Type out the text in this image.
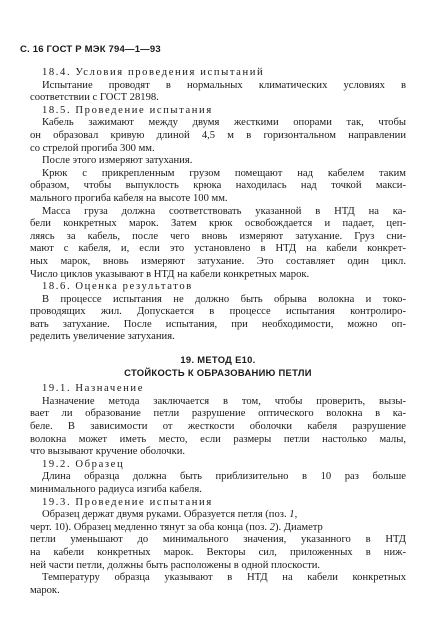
С. 16 ГОСТ Р МЭК 794—1—93
18.4. Условия проведения испытаний
Испытание проводят в нормальных климатических условиях в
соответствии с ГОСТ 28198.
18.5. Проведение испытания
Кабель зажимают между двумя жесткими опорами так, чтобы
он образовал кривую длиной 4,5 м в горизонтальном направлении
со стрелой прогиба 300 мм.
После этого измеряют затухания.
Крюк с прикрепленным грузом помещают над кабелем таким
образом, чтобы выпуклость крюка находилась над точкой макси-
мального прогиба кабеля на высоте 100 мм.
Масса груза должна соответствовать указанной в НТД на ка-
бели конкретных марок. Затем крюк освобождается и падает, цеп-
ляясь за кабель, после чего вновь измеряют затухание. Груз сни-
мают с кабеля, и, если это установлено в НТД на кабели конкрет-
ных марок, вновь измеряют затухание. Это составляет один цикл.
Число циклов указывают в НТД на кабели конкретных марок.
18.6. Оценка результатов
В процессе испытания не должно быть обрыва волокна и токо-
проводящих жил. Допускается в процессе испытания контролиро-
вать затухание. После испытания, при необходимости, можно оп-
ределить увеличение затухания.
19. МЕТОД Е10.
СТОЙКОСТЬ К ОБРАЗОВАНИЮ ПЕТЛИ
19.1. Назначение
Назначение метода заключается в том, чтобы проверить, вызы-
вает ли образование петли разрушение оптического волокна в ка-
беле. В зависимости от жесткости оболочки кабеля разрушение
волокна может иметь место, если размеры петли настолько малы,
что вызывают кручение оболочки.
19.2. Образец
Длина образца должна быть приблизительно в 10 раз больше
минимального радиуса изгиба кабеля.
19.3. Проведение испытания
Образец держат двумя руками. Образуется петля (поз. 1,
черт. 10). Образец медленно тянут за оба конца (поз. 2). Диаметр
петли уменьшают до минимального значения, указанного в НТД
на кабели конкретных марок. Векторы сил, приложенных в ниж-
ней части петли, должны быть расположены в одной плоскости.
Температуру образца указывают в НТД на кабели конкретных
марок.
